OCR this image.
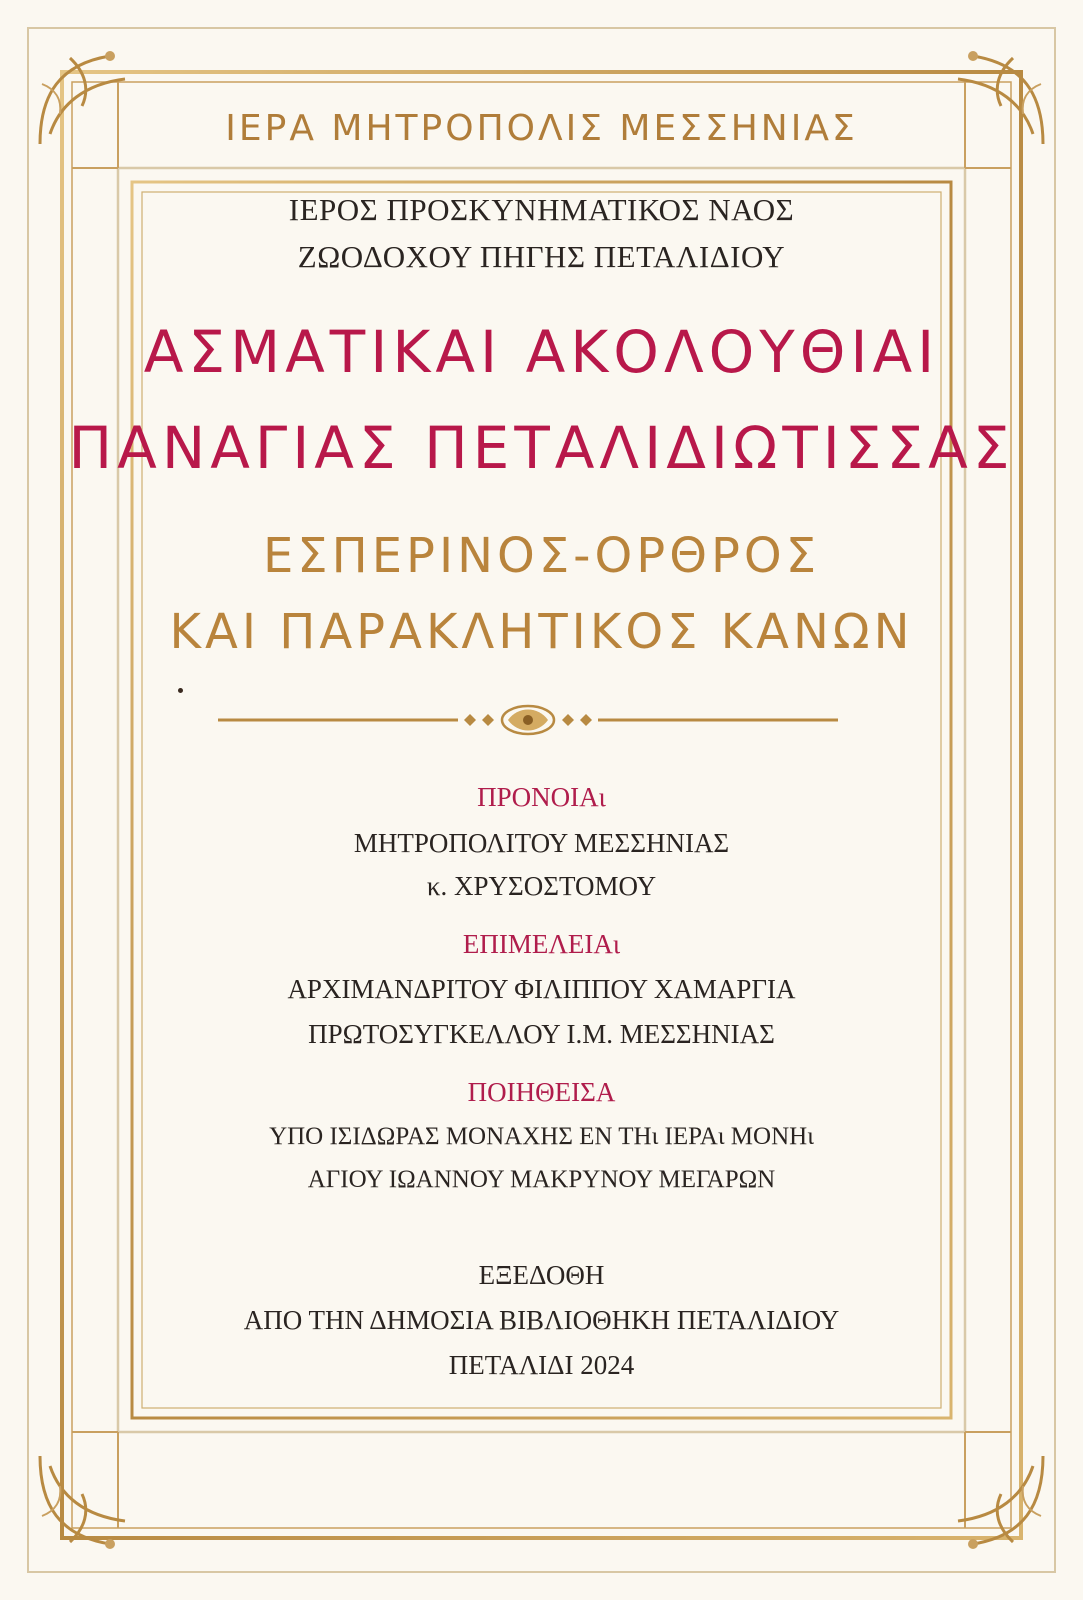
ΙΕΡΑ ΜΗΤΡΟΠΟΛΙΣ ΜΕΣΣΗΝΙΑΣ
ΙΕΡΟΣ ΠΡΟΣΚΥΝΗΜΑΤΙΚΟΣ ΝΑΟΣ
ΖΩΟΔΟΧΟΥ ΠΗΓΗΣ ΠΕΤΑΛΙΔΙΟΥ
ΑΣΜΑΤΙΚΑΙ ΑΚΟΛΟΥΘΙΑΙ
ΠΑΝΑΓΙΑΣ ΠΕΤΑΛΙΔΙΩΤΙΣΣΑΣ
ΕΣΠΕΡΙΝΟΣ-ΟΡΘΡΟΣ
ΚΑΙ ΠΑΡΑΚΛΗΤΙΚΟΣ ΚΑΝΩΝ
ΠΡΟΝΟΙΑι
ΜΗΤΡΟΠΟΛΙΤΟΥ ΜΕΣΣΗΝΙΑΣ
κ. ΧΡΥΣΟΣΤΟΜΟΥ
ΕΠΙΜΕΛΕΙΑι
ΑΡΧΙΜΑΝΔΡΙΤΟΥ ΦΙΛΙΠΠΟΥ ΧΑΜΑΡΓΙΑ
ΠΡΩΤΟΣΥΓΚΕΛΛΟΥ Ι.Μ. ΜΕΣΣΗΝΙΑΣ
ΠΟΙΗΘΕΙΣΑ
ΥΠΟ ΙΣΙΔΩΡΑΣ ΜΟΝΑΧΗΣ ΕΝ ΤΗι ΙΕΡΑι ΜΟΝΗι
ΑΓΙΟΥ ΙΩΑΝΝΟΥ ΜΑΚΡΥΝΟΥ ΜΕΓΑΡΩΝ
ΕΞΕΔΟΘΗ
ΑΠΟ ΤΗΝ ΔΗΜΟΣΙΑ ΒΙΒΛΙΟΘΗΚΗ ΠΕΤΑΛΙΔΙΟΥ
ΠΕΤΑΛΙΔΙ 2024
